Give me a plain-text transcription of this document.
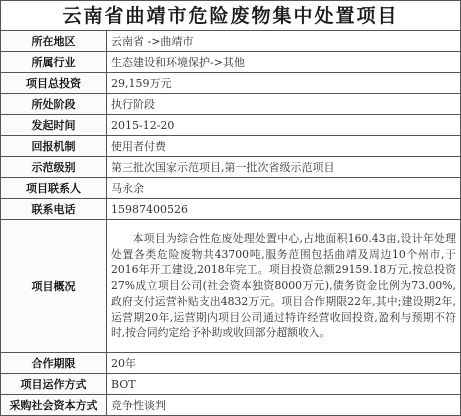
云南省曲靖市危险废物集中处置项目
所在地区	云南省 ->曲靖市
所属行业	生态建设和环境保护->其他
项目总投资	29,159万元
所处阶段	执行阶段
发起时间	2015-12-20
回报机制	使用者付费
示范级别	第三批次国家示范项目,第一批次省级示范项目
项目联系人	马永余
联系电话	15987400526
项目概况	本项目为综合性危废处理处置中心,占地面积160.43亩,设计年处理处置各类危险废物共43700吨,服务范围包括曲靖及周边10个州市,于2016年开工建设,2018年完工。项目投资总额29159.18万元,按总投资27%成立项目公司(社会资本独资8000万元),债务资金比例为73.00%,政府支付运营补贴支出4832万元。项目合作期限22年,其中;建设期2年,运营期20年,运营期内项目公司通过特许经营收回投资,盈利与预期不符时,按合同约定给予补助或收回部分超额收入。

合作期限	20年
项目运作方式	BOT
采购社会资本方式	竞争性谈判
